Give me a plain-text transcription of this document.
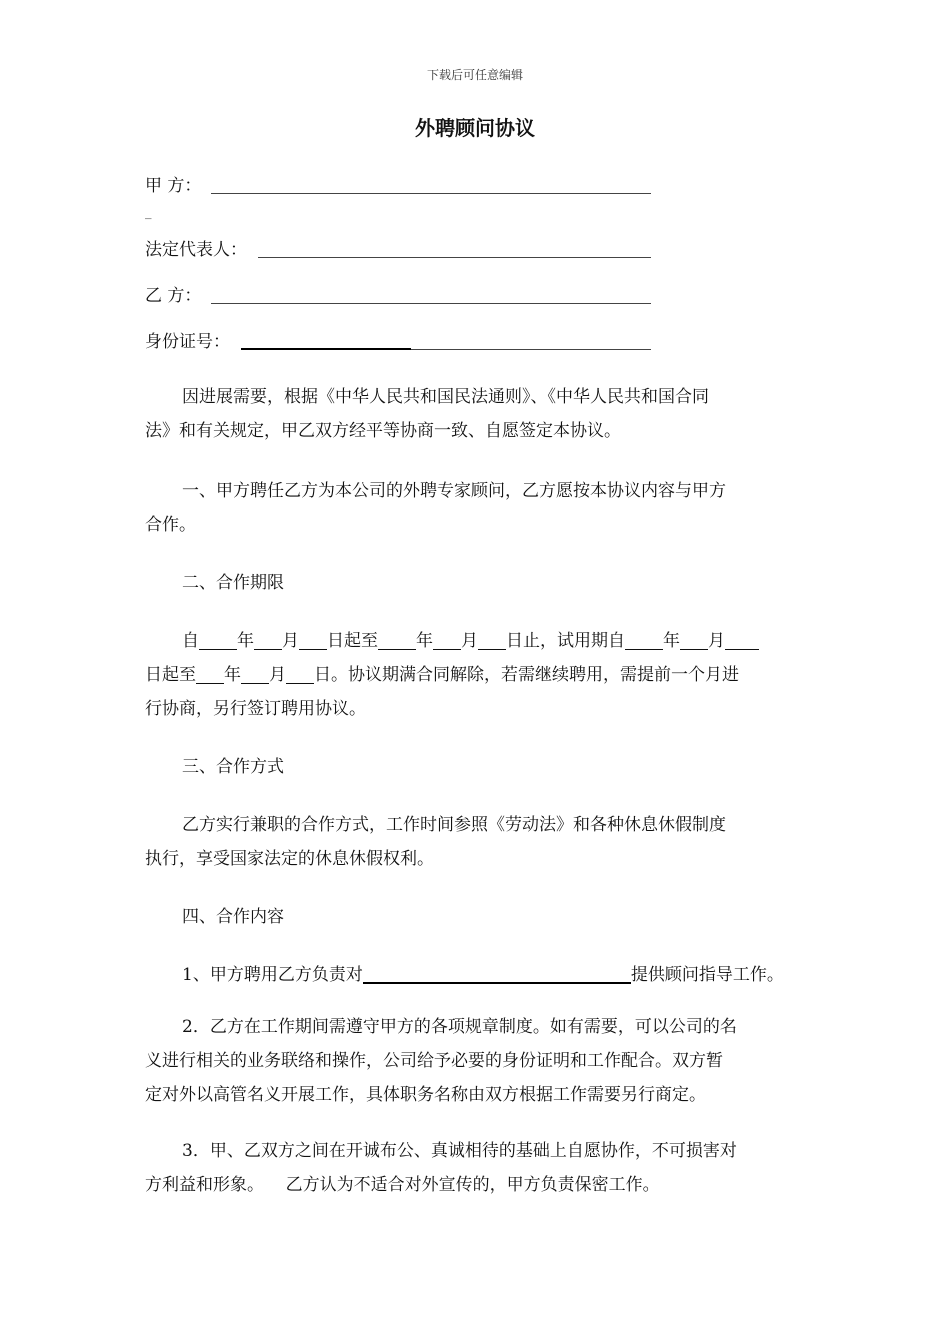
下载后可任意编辑
外聘顾问协议
甲 方：
_
法定代表人：
乙 方：
身份证号：

因进展需要，根据《中华人民共和国民法通则》、《中华人民共和国合同

法》和有关规定，甲乙双方经平等协商一致、自愿签定本协议。

一、甲方聘任乙方为本公司的外聘专家顾问，乙方愿按本协议内容与甲方

合作。

二、合作期限

自 年 月 日起至 年 月 日止，试用期自 年 月

日起至 年 月 日。协议期满合同解除，若需继续聘用，需提前一个月进

行协商，另行签订聘用协议。

三、合作方式

乙方实行兼职的合作方式，工作时间参照《劳动法》和各种休息休假制度

执行，享受国家法定的休息休假权利。

四、合作内容

1、甲方聘用乙方负责对	提供顾问指导工作。

2．乙方在工作期间需遵守甲方的各项规章制度。如有需要，可以公司的名

义进行相关的业务联络和操作，公司给予必要的身份证明和工作配合。双方暂

定对外以高管名义开展工作，具体职务名称由双方根据工作需要另行商定。

3．甲、乙双方之间在开诚布公、真诚相待的基础上自愿协作，不可损害对

方利益和形象。    乙方认为不适合对外宣传的，甲方负责保密工作。
